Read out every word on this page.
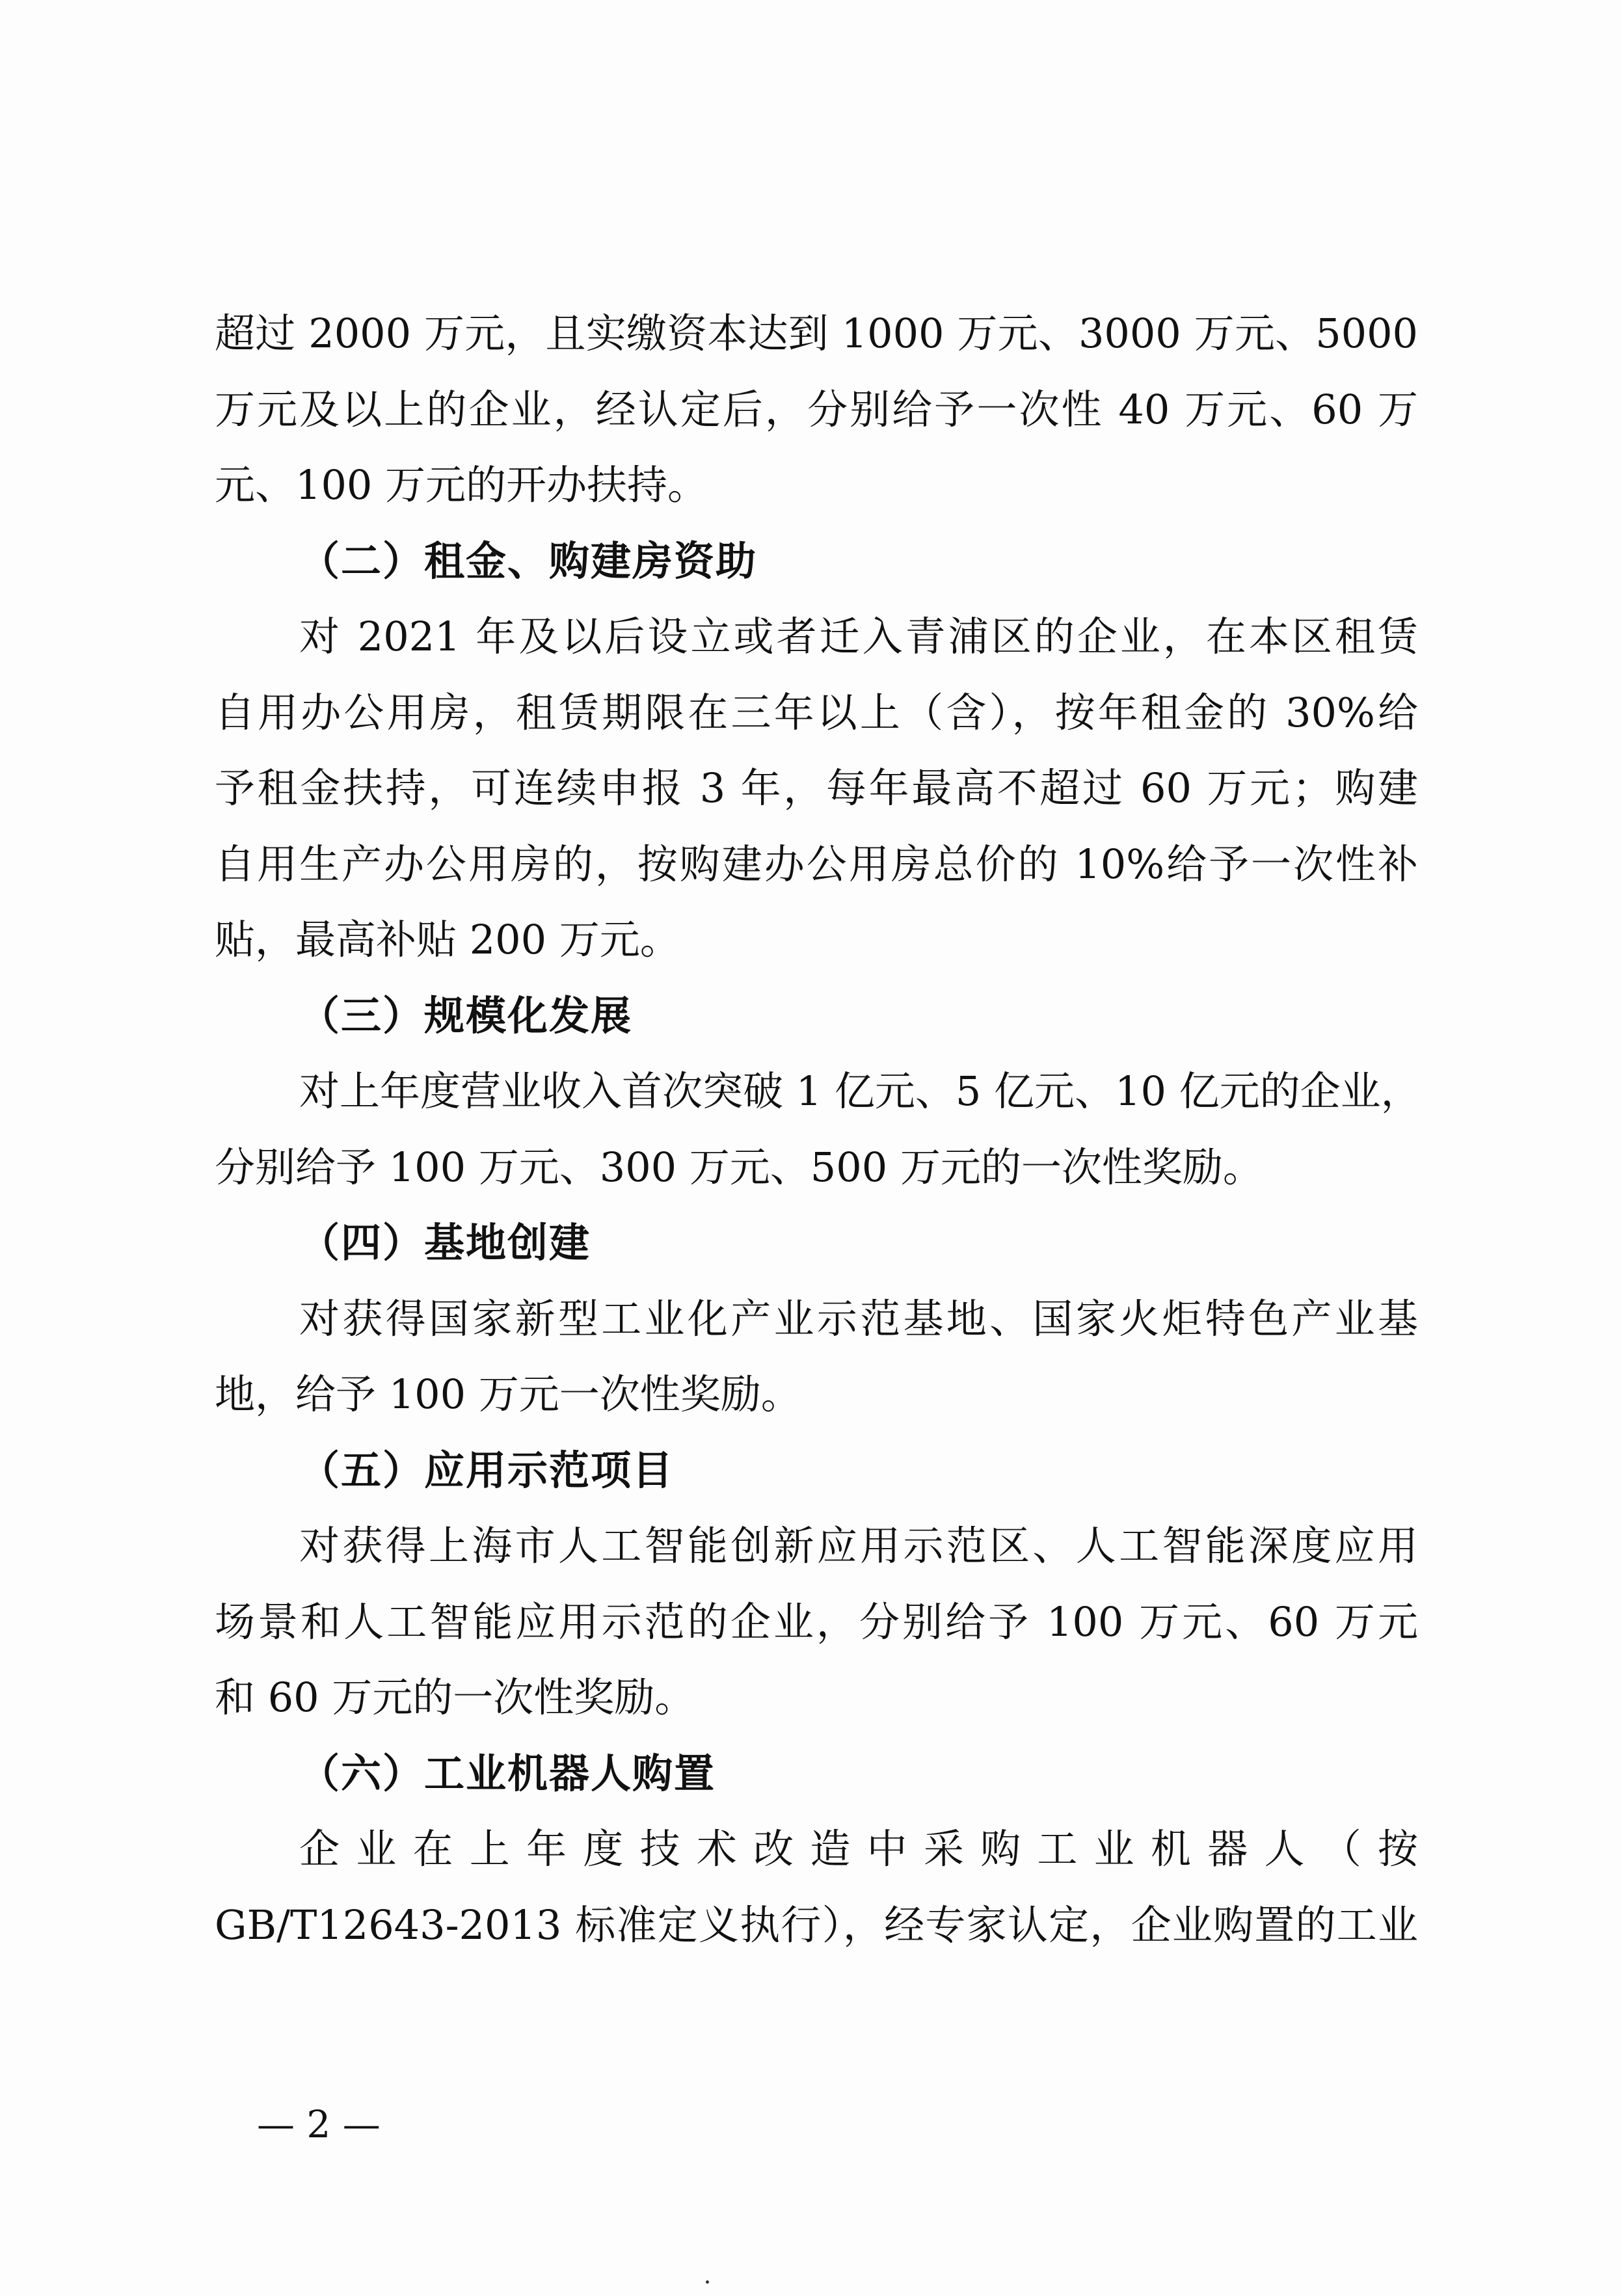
超过 2000 万元，且实缴资本达到 1000 万元、3000 万元、5000
万元及以上的企业，经认定后，分别给予一次性 40 万元、60 万
元、100 万元的开办扶持。
（二）租金、购建房资助
对 2021 年及以后设立或者迁入青浦区的企业，在本区租赁
自用办公用房，租赁期限在三年以上（含），按年租金的 30%给
予租金扶持，可连续申报 3 年，每年最高不超过 60 万元；购建
自用生产办公用房的，按购建办公用房总价的 10%给予一次性补
贴，最高补贴 200 万元。
（三）规模化发展
对上年度营业收入首次突破 1 亿元、5 亿元、10 亿元的企业，
分别给予 100 万元、300 万元、500 万元的一次性奖励。
（四）基地创建
对获得国家新型工业化产业示范基地、国家火炬特色产业基
地，给予 100 万元一次性奖励。
（五）应用示范项目
对获得上海市人工智能创新应用示范区、人工智能深度应用
场景和人工智能应用示范的企业，分别给予 100 万元、60 万元
和 60 万元的一次性奖励。
（六）工业机器人购置
企业在上年度技术改造中采购工业机器人（按
GB/T12643-2013 标准定义执行），经专家认定，企业购置的工业
— 2 —
